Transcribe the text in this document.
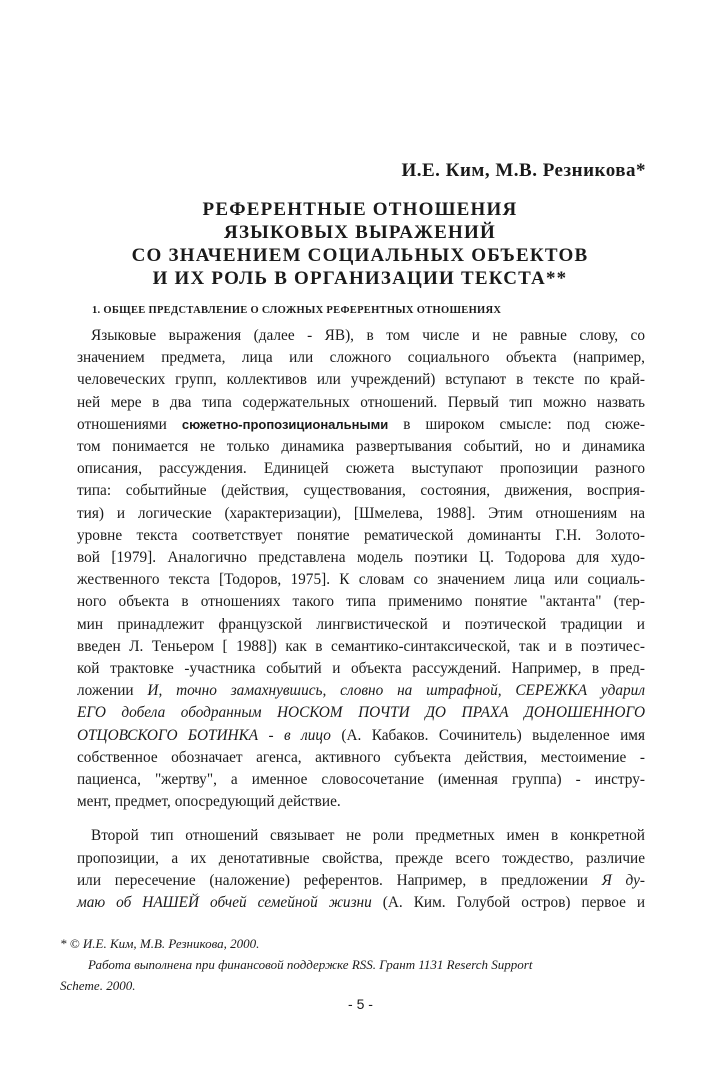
И.Е. Ким, М.В. Резникова*
РЕФЕРЕНТНЫЕ ОТНОШЕНИЯ
ЯЗЫКОВЫХ ВЫРАЖЕНИЙ
СО ЗНАЧЕНИЕМ СОЦИАЛЬНЫХ ОБЪЕКТОВ
И ИХ РОЛЬ В ОРГАНИЗАЦИИ ТЕКСТА**
1. ОБЩЕЕ ПРЕДСТАВЛЕНИЕ О СЛОЖНЫХ РЕФЕРЕНТНЫХ ОТНОШЕНИЯХ
Языковые выражения (далее - ЯВ), в том числе и не равные слову, со
значением предмета, лица или сложного социального объекта (например,
человеческих групп, коллективов или учреждений) вступают в тексте по край-
ней мере в два типа содержательных отношений. Первый тип можно назвать
отношениями сюжетно-пропозициональными в широком смысле: под сюже-
том понимается не только динамика развертывания событий, но и динамика
описания, рассуждения. Единицей сюжета выступают пропозиции разного
типа: событийные (действия, существования, состояния, движения, восприя-
тия) и логические (характеризации), [Шмелева, 1988]. Этим отношениям на
уровне текста соответствует понятие рематической доминанты Г.Н. Золото-
вой [1979]. Аналогично представлена модель поэтики Ц. Тодорова для худо-
жественного текста [Тодоров, 1975]. К словам со значением лица или социаль-
ного объекта в отношениях такого типа применимо понятие "актанта" (тер-
мин принадлежит французской лингвистической и поэтической традиции и
введен Л. Теньером [ 1988]) как в семантико-синтаксической, так и в поэтичес-
кой трактовке -участника событий и объекта рассуждений. Например, в пред-
ложении И, точно замахнувшись, словно на штрафной, СЕРЕЖКА ударил
ЕГО добела ободранным НОСКОМ ПОЧТИ ДО ПРАХА ДОНОШЕННОГО
ОТЦОВСКОГО БОТИНКА - в лицо (А. Кабаков. Сочинитель) выделенное имя
собственное обозначает агенса, активного субъекта действия, местоимение -
пациенса, "жертву", а именное словосочетание (именная группа) - инстру-
мент, предмет, опосредующий действие.
Второй тип отношений связывает не роли предметных имен в конкретной
пропозиции, а их денотативные свойства, прежде всего тождество, различие
или пересечение (наложение) референтов. Например, в предложении Я ду-
маю об НАШЕЙ обчей семейной жизни (А. Ким. Голубой остров) первое и
* © И.Е. Ким, М.В. Резникова, 2000.
Работа выполнена при финансовой поддержке RSS. Грант 1131 Reserch Support
Scheme. 2000.
- 5 -
